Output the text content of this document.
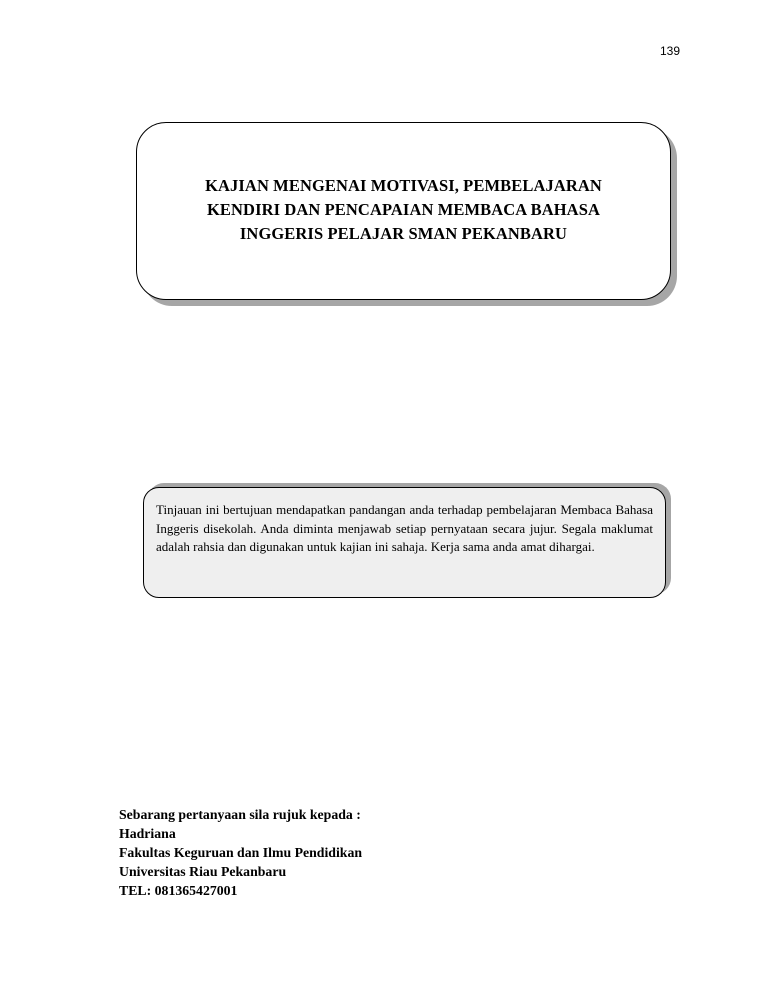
139

KAJIAN MENGENAI MOTIVASI, PEMBELAJARAN KENDIRI DAN PENCAPAIAN MEMBACA BAHASA INGGERIS PELAJAR SMAN PEKANBARU

Tinjauan ini bertujuan mendapatkan pandangan anda terhadap pembelajaran Membaca Bahasa Inggeris disekolah. Anda diminta menjawab setiap pernyataan secara jujur. Segala maklumat adalah rahsia dan digunakan untuk kajian ini sahaja. Kerja sama anda amat dihargai.

Sebarang pertanyaan sila rujuk kepada :
Hadriana
Fakultas Keguruan dan Ilmu Pendidikan
Universitas Riau Pekanbaru
TEL: 081365427001
